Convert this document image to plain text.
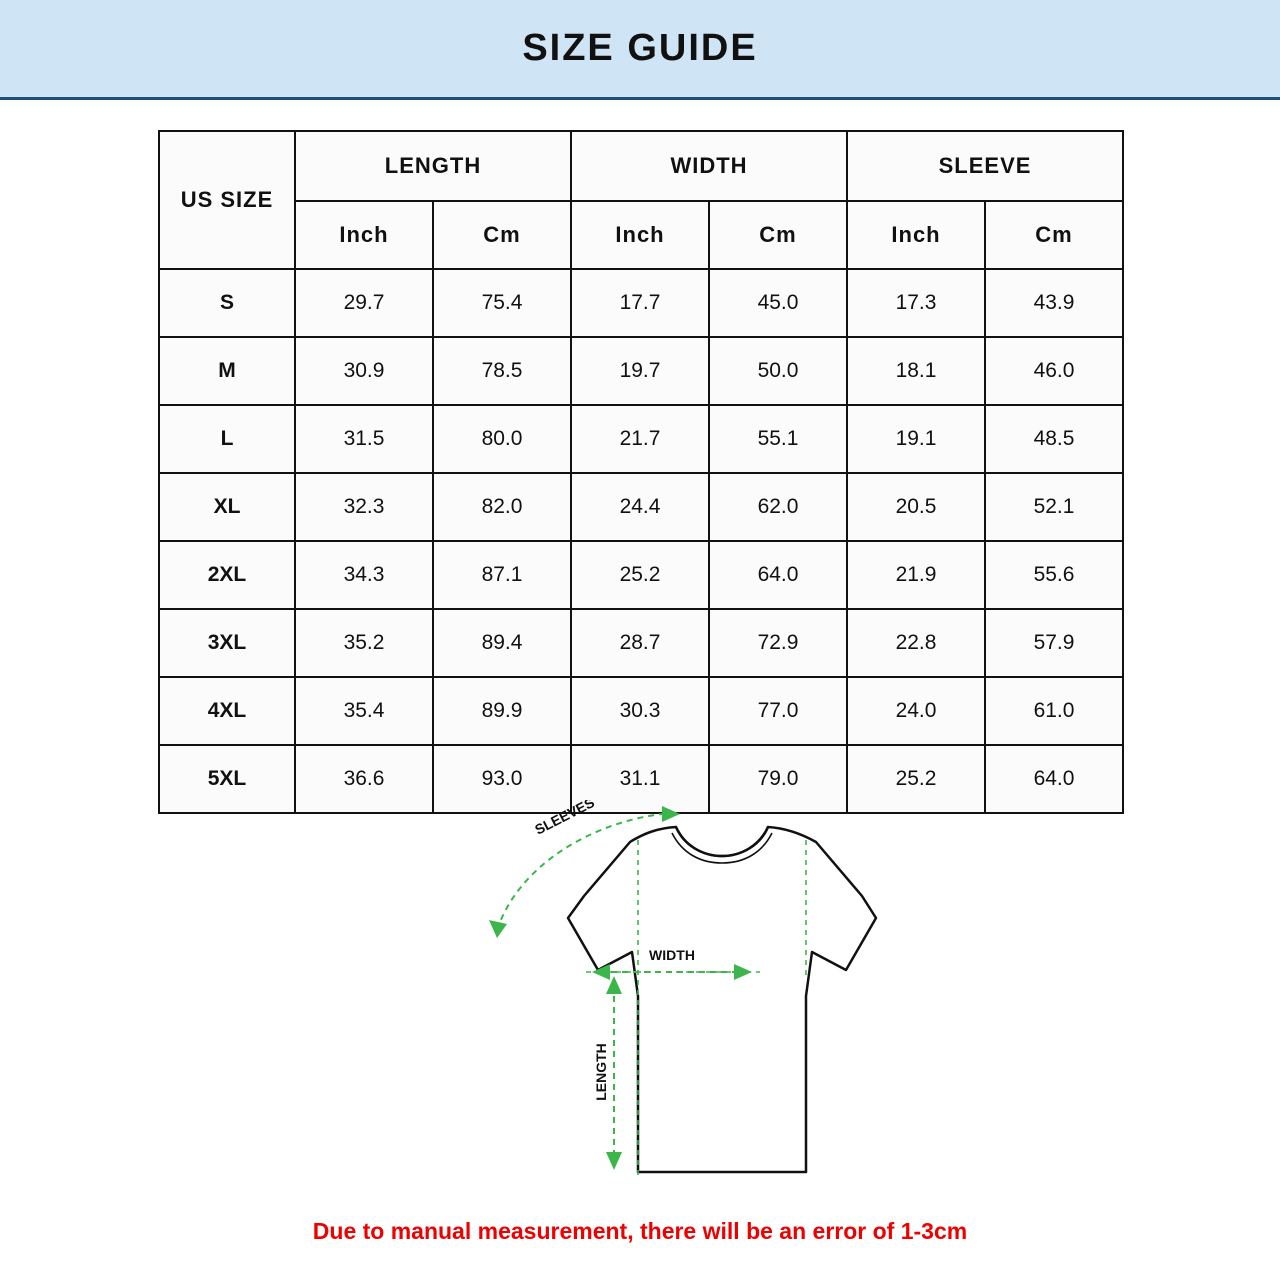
SIZE GUIDE
US SIZE	LENGTH		WIDTH		SLEEVE	
	Inch	Cm	Inch	Cm	Inch	Cm
S	29.7	75.4	17.7	45.0	17.3	43.9
M	30.9	78.5	19.7	50.0	18.1	46.0
L	31.5	80.0	21.7	55.1	19.1	48.5
XL	32.3	82.0	24.4	62.0	20.5	52.1
2XL	34.3	87.1	25.2	64.0	21.9	55.6
3XL	35.2	89.4	28.7	72.9	22.8	57.9
4XL	35.4	89.9	30.3	77.0	24.0	61.0
5XL	36.6	93.0	31.1	79.0	25.2	64.0
SLEEVES
WIDTH
LENGTH
Due to manual measurement, there will be an error of 1-3cm
